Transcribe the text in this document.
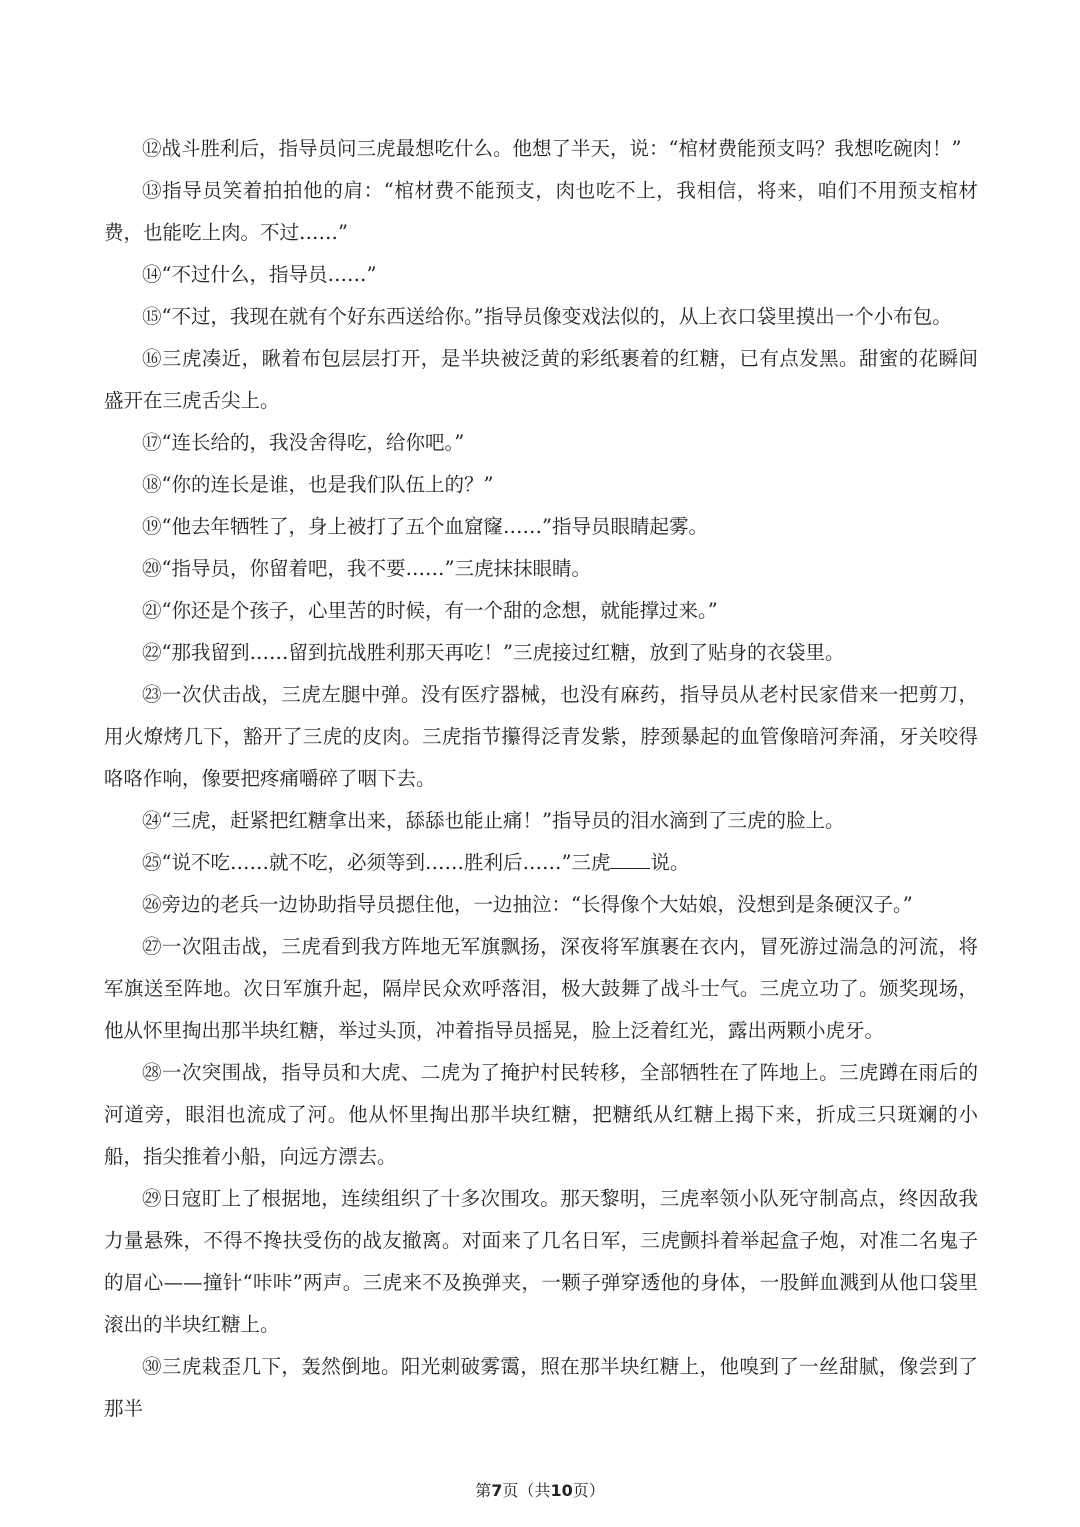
⑫战斗胜利后，指导员问三虎最想吃什么。他想了半天，说：“棺材费能预支吗？我想吃碗肉！”

⑬指导员笑着拍拍他的肩：“棺材费不能预支，肉也吃不上，我相信，将来，咱们不用预支棺材费，也能吃上肉。不过……”

⑭“不过什么，指导员……”

⑮“不过，我现在就有个好东西送给你。”指导员像变戏法似的，从上衣口袋里摸出一个小布包。

⑯三虎凑近，瞅着布包层层打开，是半块被泛黄的彩纸裹着的红糖，已有点发黑。甜蜜的花瞬间盛开在三虎舌尖上。

⑰“连长给的，我没舍得吃，给你吧。”

⑱“你的连长是谁，也是我们队伍上的？”

⑲“他去年牺牲了，身上被打了五个血窟窿……”指导员眼睛起雾。

⑳“指导员，你留着吧，我不要……”三虎抹抹眼睛。

㉑“你还是个孩子，心里苦的时候，有一个甜的念想，就能撑过来。”

㉒“那我留到……留到抗战胜利那天再吃！”三虎接过红糖，放到了贴身的衣袋里。

㉓一次伏击战，三虎左腿中弹。没有医疗器械，也没有麻药，指导员从老村民家借来一把剪刀，用火燎烤几下，豁开了三虎的皮肉。三虎指节攥得泛青发紫，脖颈暴起的血管像暗河奔涌，牙关咬得咯咯作响，像要把疼痛嚼碎了咽下去。

㉔“三虎，赶紧把红糖拿出来，舔舔也能止痛！”指导员的泪水滴到了三虎的脸上。

㉕“说不吃……就不吃，必须等到……胜利后……”三虎 说。

㉖旁边的老兵一边协助指导员摁住他，一边抽泣：“长得像个大姑娘，没想到是条硬汉子。”

㉗一次阻击战，三虎看到我方阵地无军旗飘扬，深夜将军旗裹在衣内，冒死游过湍急的河流，将军旗送至阵地。次日军旗升起，隔岸民众欢呼落泪，极大鼓舞了战斗士气。三虎立功了。颁奖现场，他从怀里掏出那半块红糖，举过头顶，冲着指导员摇晃，脸上泛着红光，露出两颗小虎牙。

㉘一次突围战，指导员和大虎、二虎为了掩护村民转移，全部牺牲在了阵地上。三虎蹲在雨后的河道旁，眼泪也流成了河。他从怀里掏出那半块红糖，把糖纸从红糖上揭下来，折成三只斑斓的小船，指尖推着小船，向远方漂去。

㉙日寇盯上了根据地，连续组织了十多次围攻。那天黎明，三虎率领小队死守制高点，终因敌我力量悬殊，不得不搀扶受伤的战友撤离。对面来了几名日军，三虎颤抖着举起盒子炮，对准二名鬼子的眉心——撞针“咔咔”两声。三虎来不及换弹夹，一颗子弹穿透他的身体，一股鲜血溅到从他口袋里滚出的半块红糖上。

㉚三虎栽歪几下，轰然倒地。阳光刺破雾霭，照在那半块红糖上，他嗅到了一丝甜腻，像尝到了那半

第7页（共10页）
